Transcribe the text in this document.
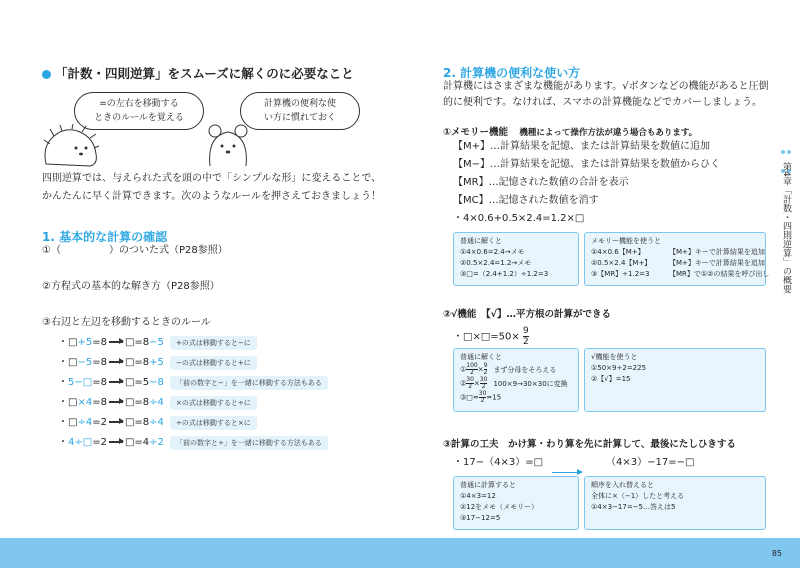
「計数・四則逆算」をスムーズに解くのに必要なこと
=の左右を移動する
ときのルールを覚える
計算機の便利な使
い方に慣れておく
四則逆算では、与えられた式を頭の中で「シンプルな形」に変えることで、
かんたんに早く計算できます。次のようなルールを押さえておきましょう！
1. 基本的な計算の確認
①（	）のついた式（P28参照）
②方程式の基本的な解き方（P28参照）
③右辺と左辺を移動するときのルール
・□+5=8 □=8−5	+の式は移動すると−に
・□−5=8 □=8+5	−の式は移動すると+に
・5−□=8 □=5−8	「前の数字と−」を一緒に移動する方法もある
・□×4=8 □=8÷4	×の式は移動すると÷に
・□÷4=2 □=8÷4	÷の式は移動すると×に
・4÷□=2 □=4÷2	「前の数字と÷」を一緒に移動する方法もある
2. 計算機の便利な使い方
計算機にはさまざまな機能があります。√ボタンなどの機能があると圧倒
的に便利です。なければ、スマホの計算機能などでカバーしましょう。
①メモリー機能 機種によって操作方法が違う場合もあります。
【M+】…計算結果を記憶、または計算結果を数値に追加
【M−】…計算結果を記憶、または計算結果を数値からひく
【MR】…記憶された数値の合計を表示
【MC】…記憶された数値を消す
・4×0.6+0.5×2.4=1.2×□
普通に解くと
①4×0.6=2.4→メモ
②0.5×2.4=1.2→メモ
③□=（2.4+1.2）÷1.2=3
メモリー機能を使うと
①4×0.6【M+】	【M+】キーで計算結果を追加
②0.5×2.4【M+】	【M+】キーで計算結果を追加
③【MR】÷1.2=3	【MR】で①②の結果を呼び出し
②√機能　【√】…平方根の計算ができる
・□×□=50× $\frac{9}{2}$
普通に解くと
① $\frac{100}{2} \times \frac{9}{2}$ まず分母をそろえる
② $\frac{30}{2} \times \frac{30}{2} 100\times 9\to 30\times 30$に変換
③□= $\frac{30}{2} =15$
√機能を使うと
①50×9÷2=225
②【√】=15
③計算の工夫　かけ算・わり算を先に計算して、最後にたしひきする
・17−（4×3）=□	（4×3）−17=−□
普通に計算すると
①4×3=12
②12をメモ（メモリー）
③17−12=5
順序を入れ替えると
全体に×（−1）したと考える
①4×3−17=−5…答えは5

第4章「計数・四則逆算」の概要
85
